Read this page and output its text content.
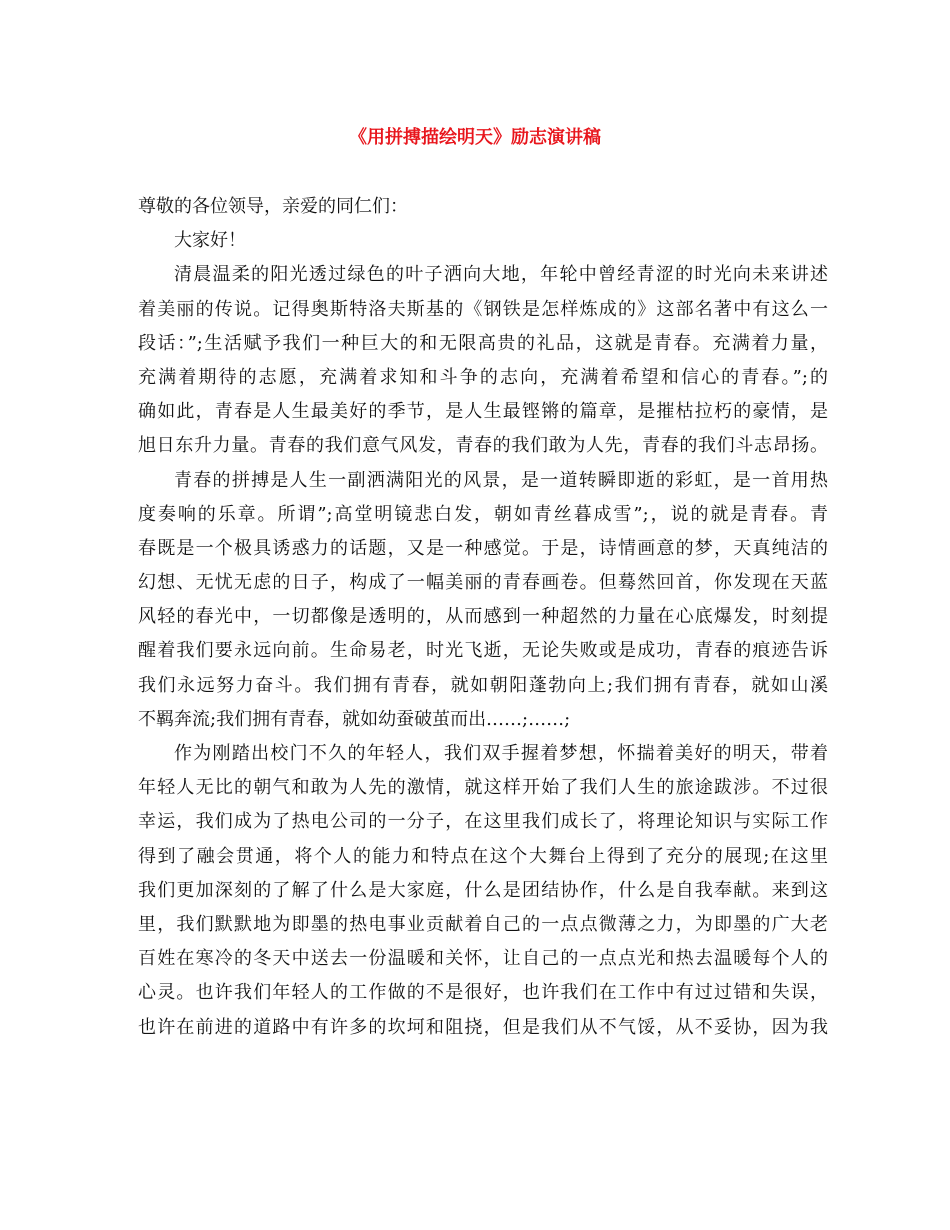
《用拼搏描绘明天》励志演讲稿
尊敬的各位领导，亲爱的同仁们：
大家好！
清晨温柔的阳光透过绿色的叶子洒向大地，年轮中曾经青涩的时光向未来讲述
着美丽的传说。记得奥斯特洛夫斯基的《钢铁是怎样炼成的》这部名著中有这么一
段话：”;生活赋予我们一种巨大的和无限高贵的礼品，这就是青春。充满着力量，
充满着期待的志愿，充满着求知和斗争的志向，充满着希望和信心的青春。”;的
确如此，青春是人生最美好的季节，是人生最铿锵的篇章，是摧枯拉朽的豪情，是
旭日东升力量。青春的我们意气风发，青春的我们敢为人先，青春的我们斗志昂扬。
青春的拼搏是人生一副洒满阳光的风景，是一道转瞬即逝的彩虹，是一首用热
度奏响的乐章。所谓”;高堂明镜悲白发，朝如青丝暮成雪”;，说的就是青春。青
春既是一个极具诱惑力的话题，又是一种感觉。于是，诗情画意的梦，天真纯洁的
幻想、无忧无虑的日子，构成了一幅美丽的青春画卷。但蓦然回首，你发现在天蓝
风轻的春光中，一切都像是透明的，从而感到一种超然的力量在心底爆发，时刻提
醒着我们要永远向前。生命易老，时光飞逝，无论失败或是成功，青春的痕迹告诉
我们永远努力奋斗。我们拥有青春，就如朝阳蓬勃向上;我们拥有青春，就如山溪
不羁奔流;我们拥有青春，就如幼蚕破茧而出……;……;
作为刚踏出校门不久的年轻人，我们双手握着梦想，怀揣着美好的明天，带着
年轻人无比的朝气和敢为人先的激情，就这样开始了我们人生的旅途跋涉。不过很
幸运，我们成为了热电公司的一分子，在这里我们成长了，将理论知识与实际工作
得到了融会贯通，将个人的能力和特点在这个大舞台上得到了充分的展现;在这里
我们更加深刻的了解了什么是大家庭，什么是团结协作，什么是自我奉献。来到这
里，我们默默地为即墨的热电事业贡献着自己的一点点微薄之力，为即墨的广大老
百姓在寒冷的冬天中送去一份温暖和关怀，让自己的一点点光和热去温暖每个人的
心灵。也许我们年轻人的工作做的不是很好，也许我们在工作中有过过错和失误，
也许在前进的道路中有许多的坎坷和阻挠，但是我们从不气馁，从不妥协，因为我
